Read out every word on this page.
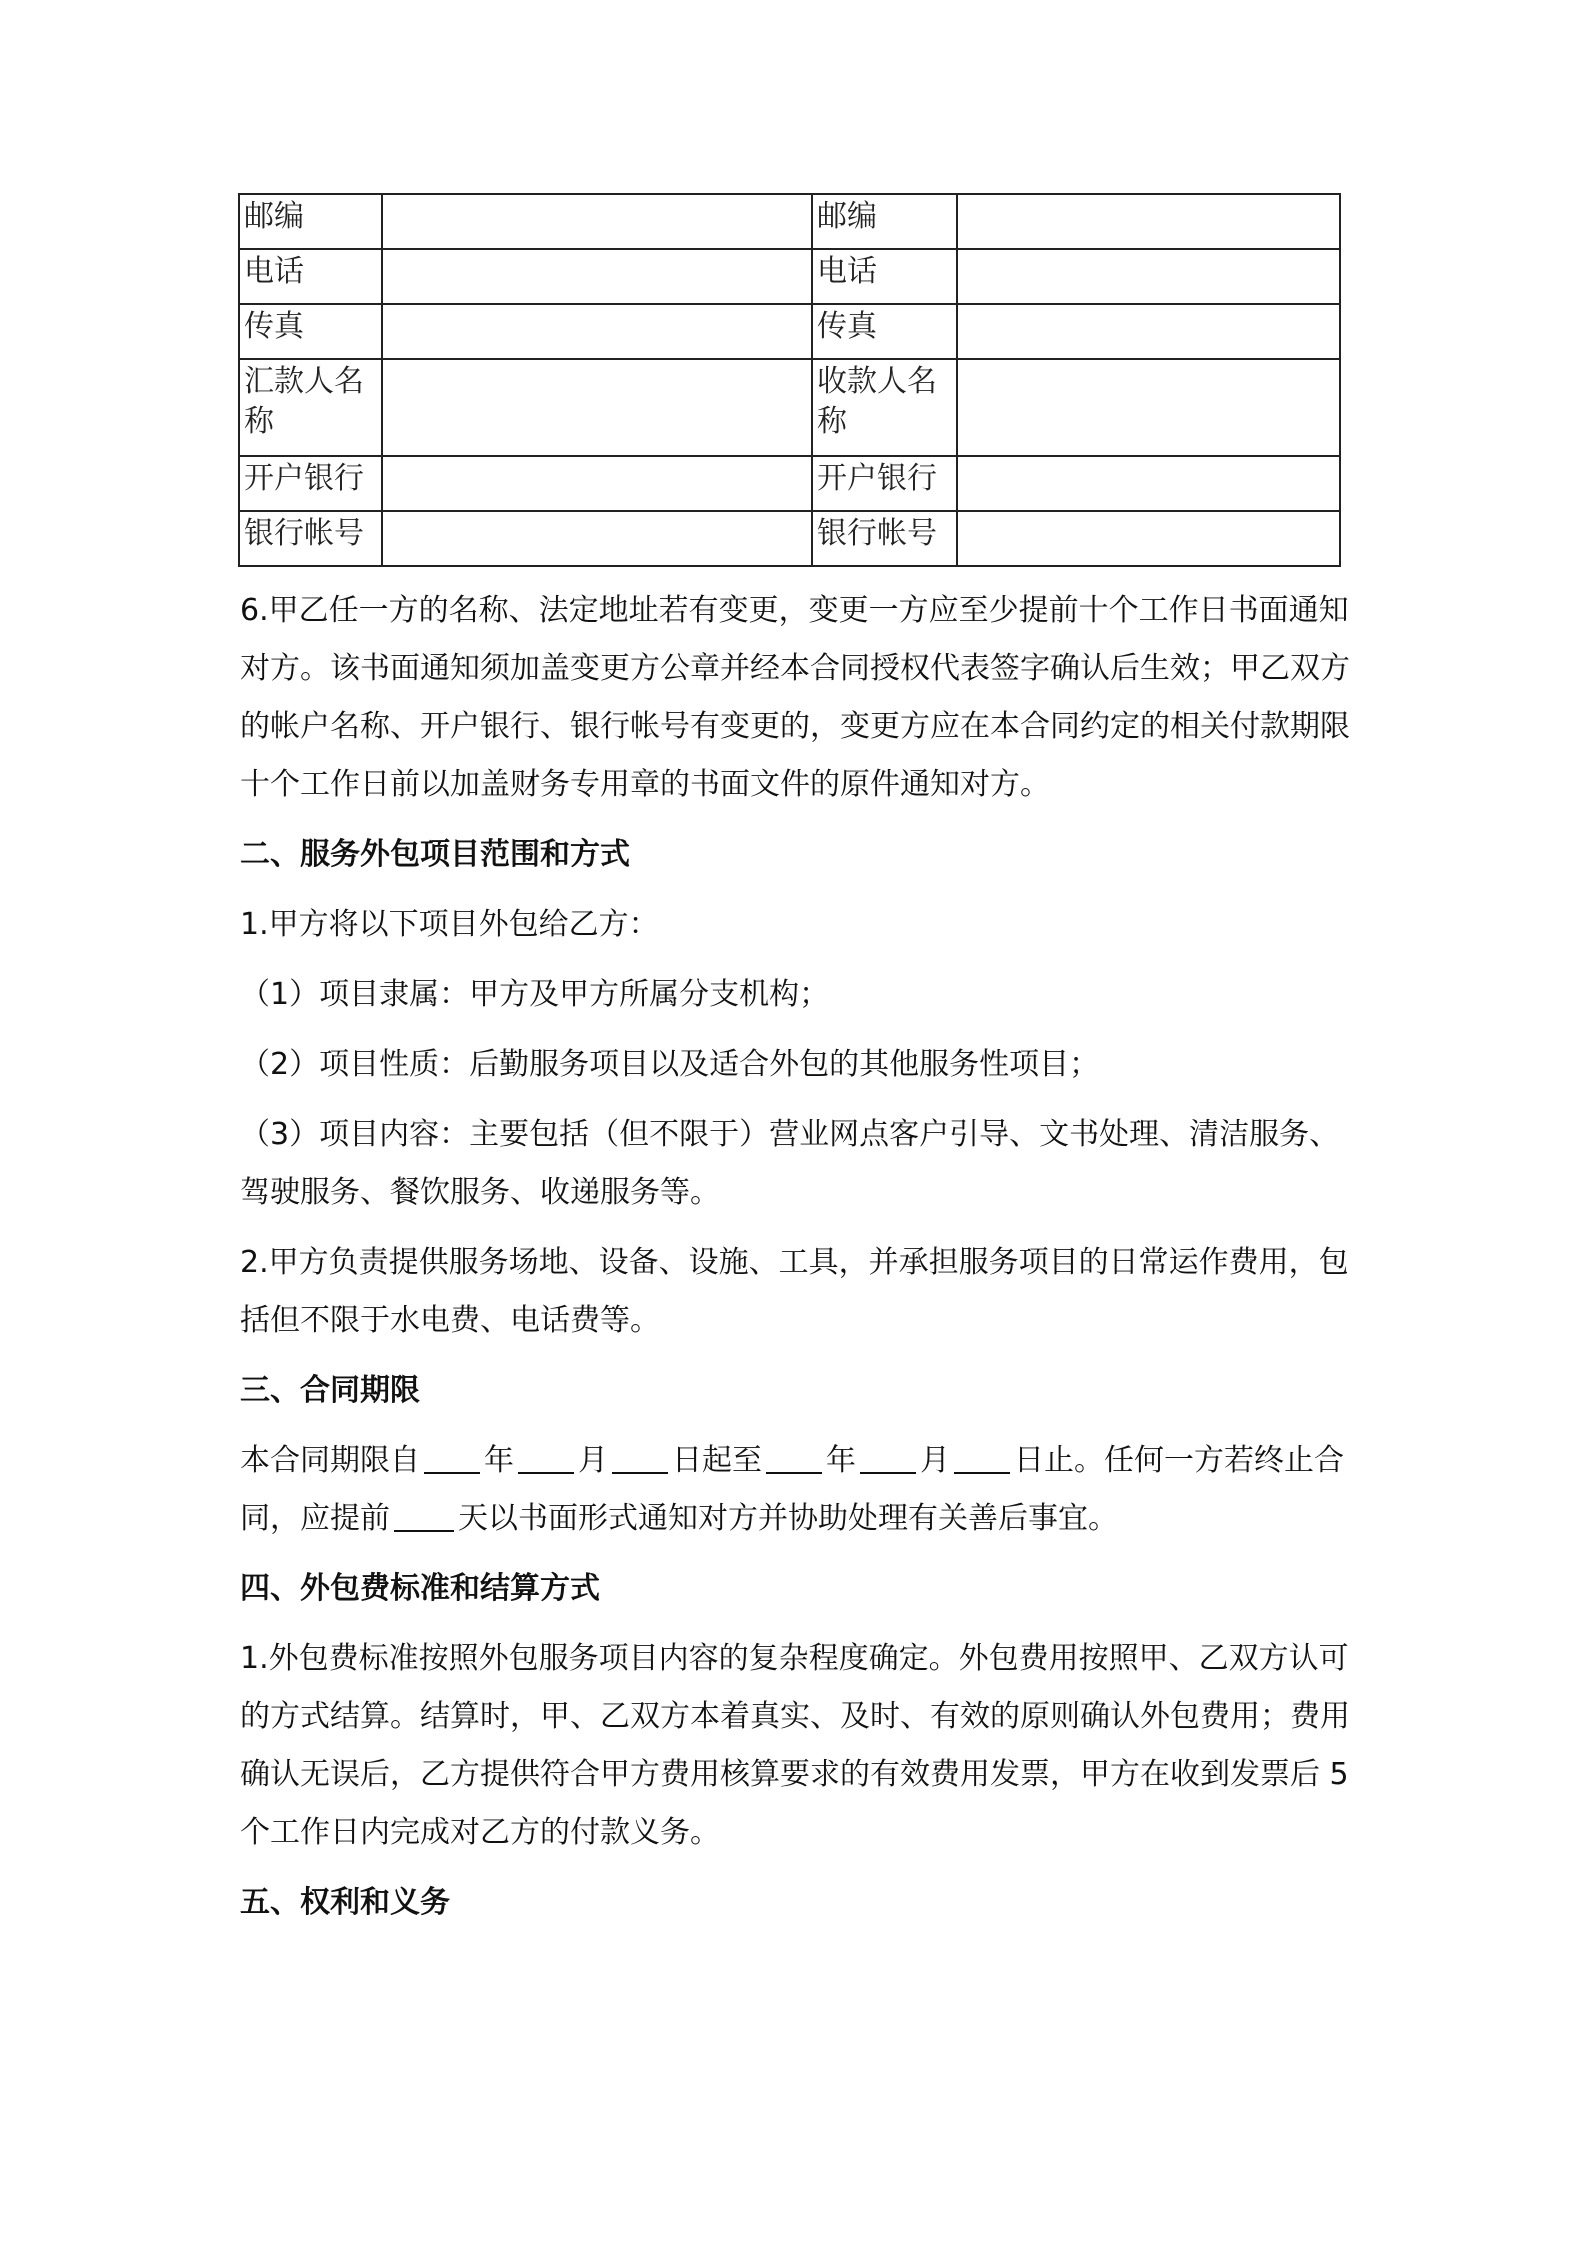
邮编		邮编	
电话		电话	
传真		传真	
汇款人名称		收款人名称	
开户银行		开户银行	
银行帐号		银行帐号	

6.甲乙任一方的名称、法定地址若有变更，变更一方应至少提前十个工作日书面通知对方。该书面通知须加盖变更方公章并经本合同授权代表签字确认后生效；甲乙双方的帐户名称、开户银行、银行帐号有变更的，变更方应在本合同约定的相关付款期限十个工作日前以加盖财务专用章的书面文件的原件通知对方。

二、服务外包项目范围和方式

1.甲方将以下项目外包给乙方：

（1）项目隶属：甲方及甲方所属分支机构；

（2）项目性质：后勤服务项目以及适合外包的其他服务性项目；

（3）项目内容：主要包括（但不限于）营业网点客户引导、文书处理、清洁服务、驾驶服务、餐饮服务、收递服务等。

2.甲方负责提供服务场地、设备、设施、工具，并承担服务项目的日常运作费用，包括但不限于水电费、电话费等。

三、合同期限

本合同期限自 年 月 日起至 年 月 日止。任何一方若终止合同，应提前 天以书面形式通知对方并协助处理有关善后事宜。

四、外包费标准和结算方式

1.外包费标准按照外包服务项目内容的复杂程度确定。外包费用按照甲、乙双方认可的方式结算。结算时，甲、乙双方本着真实、及时、有效的原则确认外包费用；费用确认无误后，乙方提供符合甲方费用核算要求的有效费用发票，甲方在收到发票后 5 个工作日内完成对乙方的付款义务。

五、权利和义务
